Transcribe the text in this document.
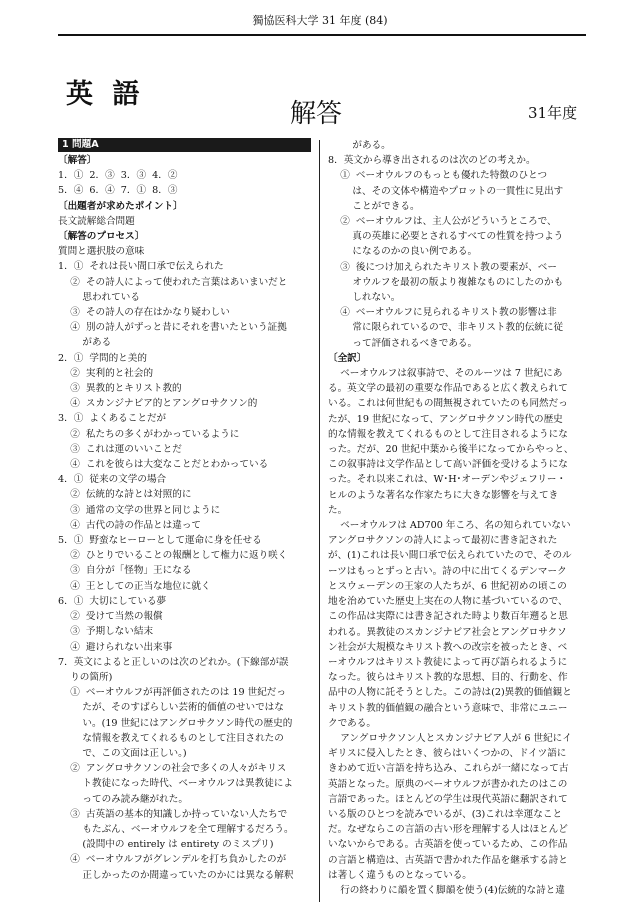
獨協医科大学 31 年度 (84)
英 語
解答	31年度
1 問題A
〔解答〕
1．①  2．③  3．③  4．②
5．④  6．④  7．①  8．③
〔出題者が求めたポイント〕
長文読解総合問題
〔解答のプロセス〕
質問と選択肢の意味
1．①  それは長い間口承で伝えられた
②  その詩人によって使われた言葉はあいまいだと
思われている
③  その詩人の存在はかなり疑わしい
④  別の詩人がずっと昔にそれを書いたという証拠
がある
2．①  学問的と美的
②  実利的と社会的
③  異教的とキリスト教的
④  スカンジナビア的とアングロサクソン的
3．①  よくあることだが
②  私たちの多くがわかっているように
③  これは運のいいことだ
④  これを彼らは大変なことだとわかっている
4．①  従来の文学の場合
②  伝統的な詩とは対照的に
③  通常の文学の世界と同じように
④  古代の詩の作品とは違って
5．①  野蛮なヒーローとして運命に身を任せる
②  ひとりでいることの報酬として権力に返り咲く
③  自分が「怪物」王になる
④  王としての正当な地位に就く
6．①  大切にしている夢
②  受けて当然の報償
③  予期しない結末
④  避けられない出来事
7．英文によると正しいのは次のどれか。(下線部が誤
りの箇所)
①  ベーオウルフが再評価されたのは 19 世紀だっ
たが、そのすばらしい芸術的価値のせいではな
い。(19 世紀にはアングロサクソン時代の歴史的
な情報を教えてくれるものとして注目されたの
で、この文面は正しい。)
②  アングロサクソンの社会で多くの人々がキリス
ト教徒になった時代、ベーオウルフは異教徒によ
ってのみ読み継がれた。
③  古英語の基本的知識しか持っていない人たちで
もたぶん、ベーオウルフを全て理解するだろう。
(設問中の entirely は entirety のミスプリ)
④  ベーオウルフがグレンデルを打ち負かしたのが
正しかったのか間違っていたのかには異なる解釈
がある。
8．英文から導き出されるのは次のどの考えか。
①  ベーオウルフのもっとも優れた特徴のひとつ
は、その文体や構造やプロットの一貫性に見出す
ことができる。
②  ベーオウルフは、主人公がどういうところで、
真の英雄に必要とされるすべての性質を持つよう
になるのかの良い例である。
③  後につけ加えられたキリスト教の要素が、ベー
オウルフを最初の版より複雑なものにしたのかも
しれない。
④  ベーオウルフに見られるキリスト教の影響は非
常に限られているので、非キリスト教的伝統に従
って評価されるべきである。
〔全訳〕
ベーオウルフは叙事詩で、そのルーツは 7 世紀にあ
る。英文学の最初の重要な作品であると広く教えられて
いる。これは何世紀もの間無視されていたのも同然だっ
たが、19 世紀になって、アングロサクソン時代の歴史
的な情報を教えてくれるものとして注目されるようにな
った。だが、20 世紀中葉から後半になってからやっと、
この叙事詩は文学作品として高い評価を受けるようにな
った。それ以来これは、W･H･オーデンやジェフリー・
ヒルのような著名な作家たちに大きな影響を与えてき
た。
ベーオウルフは AD700 年ころ、名の知られていない
アングロサクソンの詩人によって最初に書き記された
が、(1)これは長い間口承で伝えられていたので、そのル
ーツはもっとずっと古い。詩の中に出てくるデンマーク
とスウェーデンの王家の人たちが、6 世紀初めの頃この
地を治めていた歴史上実在の人物に基づいているので、
この作品は実際には書き記された時より数百年遡ると思
われる。異教徒のスカンジナビア社会とアングロサクソ
ン社会が大規模なキリスト教への改宗を被ったとき、ベ
ーオウルフはキリスト教徒によって再び語られるように
なった。彼らはキリスト教的な思想、目的、行動を、作
品中の人物に託そうとした。この詩は(2)異教的価値観と
キリスト教的価値観の融合という意味で、非常にユニー
クである。
アングロサクソン人とスカンジナビア人が 6 世紀にイ
ギリスに侵入したとき、彼らはいくつかの、ドイツ語に
きわめて近い言語を持ち込み、これらが一緒になって古
英語となった。原典のベーオウルフが書かれたのはこの
言語であった。ほとんどの学生は現代英語に翻訳されて
いる版のひとつを読みでいるが、(3)これは幸運なこと
だ。なぜならこの言語の古い形を理解する人はほとんど
いないからである。古英語を使っているため、この作品
の言語と構造は、古英語で書かれた作品を継承する詩と
は著しく違うものとなっている。
行の終わりに韻を置く脚韻を使う(4)伝統的な詩と違
